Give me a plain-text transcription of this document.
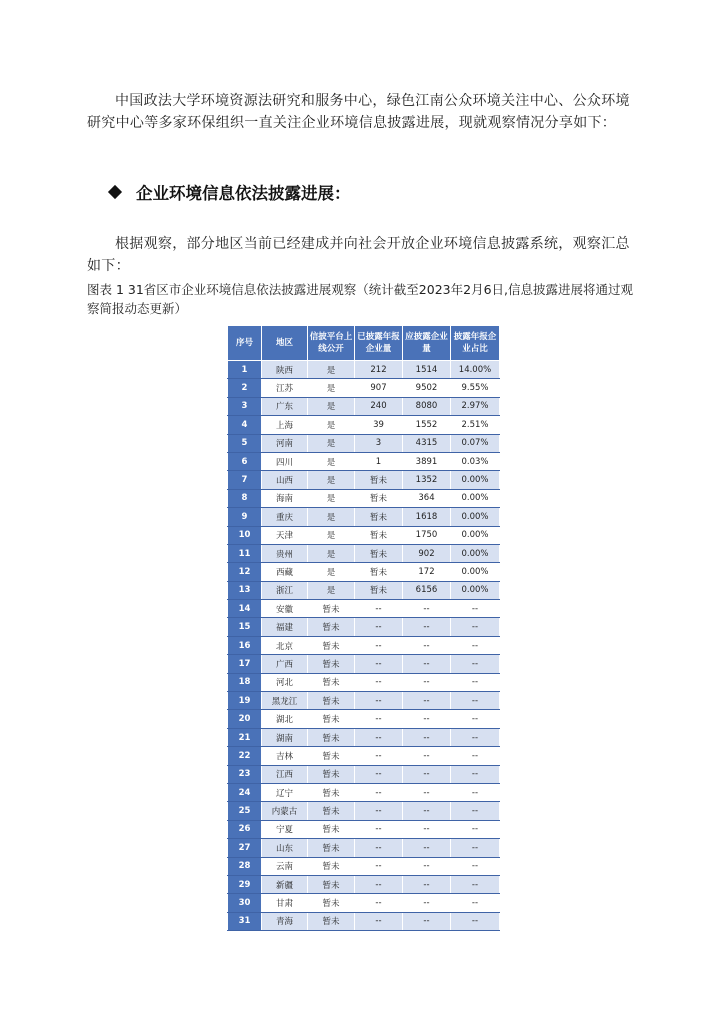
中国政法大学环境资源法研究和服务中心，绿色江南公众环境关注中心、公众环境研究中心等多家环保组织一直关注企业环境信息披露进展，现就观察情况分享如下：

企业环境信息依法披露进展：

根据观察，部分地区当前已经建成并向社会开放企业环境信息披露系统，观察汇总如下：

图表 1 31省区市企业环境信息依法披露进展观察（统计截至2023年2月6日,信息披露进展将通过观察简报动态更新）

序号	地区	信披平台上线公开	已披露年报企业量	应披露企业量	披露年报企业占比
1	陕西	是	212	1514	14.00%
2	江苏	是	907	9502	9.55%
3	广东	是	240	8080	2.97%
4	上海	是	39	1552	2.51%
5	河南	是	3	4315	0.07%
6	四川	是	1	3891	0.03%
7	山西	是	暂未	1352	0.00%
8	海南	是	暂未	364	0.00%
9	重庆	是	暂未	1618	0.00%
10	天津	是	暂未	1750	0.00%
11	贵州	是	暂未	902	0.00%
12	西藏	是	暂未	172	0.00%
13	浙江	是	暂未	6156	0.00%
14	安徽	暂未	--	--	--
15	福建	暂未	--	--	--
16	北京	暂未	--	--	--
17	广西	暂未	--	--	--
18	河北	暂未	--	--	--
19	黑龙江	暂未	--	--	--
20	湖北	暂未	--	--	--
21	湖南	暂未	--	--	--
22	吉林	暂未	--	--	--
23	江西	暂未	--	--	--
24	辽宁	暂未	--	--	--
25	内蒙古	暂未	--	--	--
26	宁夏	暂未	--	--	--
27	山东	暂未	--	--	--
28	云南	暂未	--	--	--
29	新疆	暂未	--	--	--
30	甘肃	暂未	--	--	--
31	青海	暂未	--	--	--
